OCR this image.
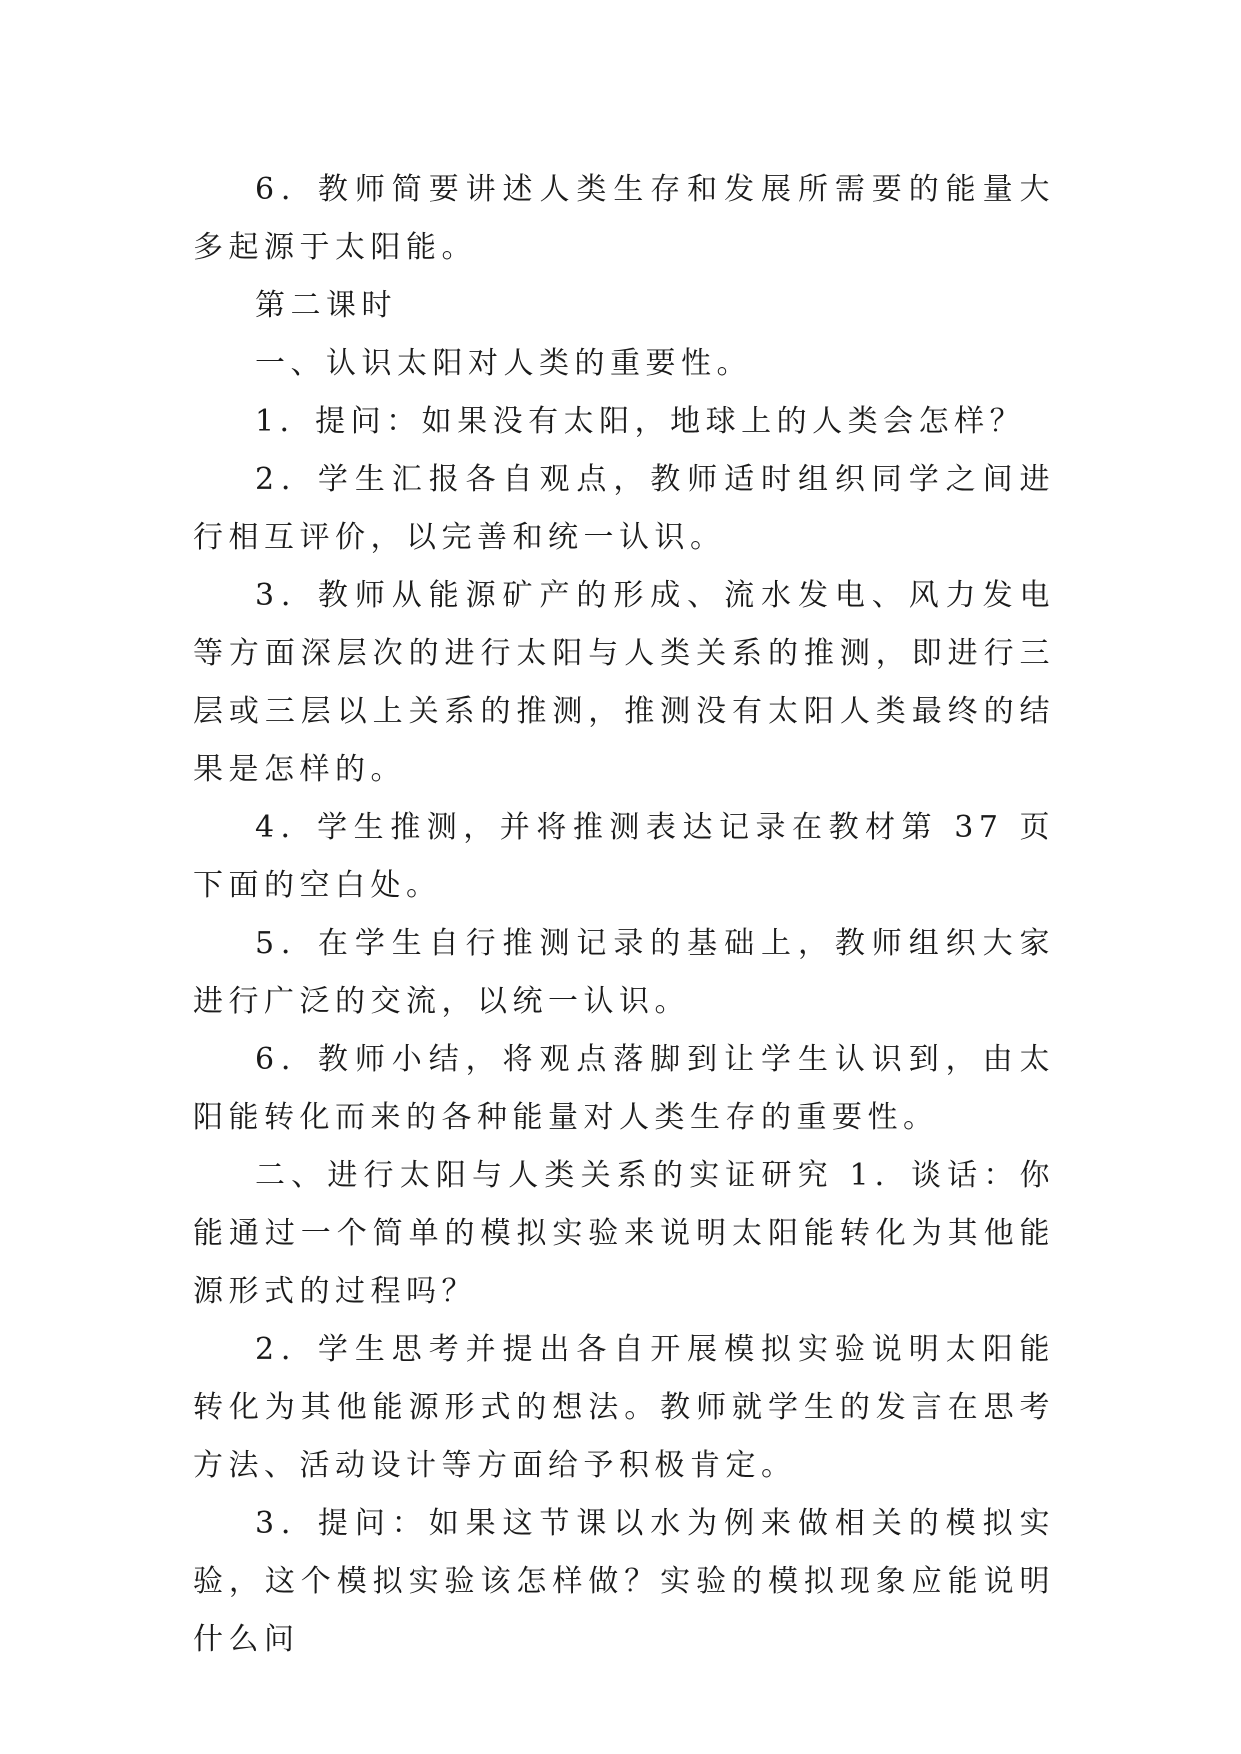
6．教师简要讲述人类生存和发展所需要的能量大多起源于太阳能。

第二课时

一、认识太阳对人类的重要性。

1．提问：如果没有太阳，地球上的人类会怎样？

2．学生汇报各自观点，教师适时组织同学之间进行相互评价，以完善和统一认识。

3．教师从能源矿产的形成、流水发电、风力发电等方面深层次的进行太阳与人类关系的推测，即进行三层或三层以上关系的推测，推测没有太阳人类最终的结果是怎样的。

4．学生推测，并将推测表达记录在教材第 37 页下面的空白处。

5．在学生自行推测记录的基础上，教师组织大家进行广泛的交流，以统一认识。

6．教师小结，将观点落脚到让学生认识到，由太阳能转化而来的各种能量对人类生存的重要性。

二、进行太阳与人类关系的实证研究 1．谈话：你能通过一个简单的模拟实验来说明太阳能转化为其他能源形式的过程吗？

2．学生思考并提出各自开展模拟实验说明太阳能转化为其他能源形式的想法。教师就学生的发言在思考方法、活动设计等方面给予积极肯定。

3．提问：如果这节课以水为例来做相关的模拟实验，这个模拟实验该怎样做？实验的模拟现象应能说明什么问
